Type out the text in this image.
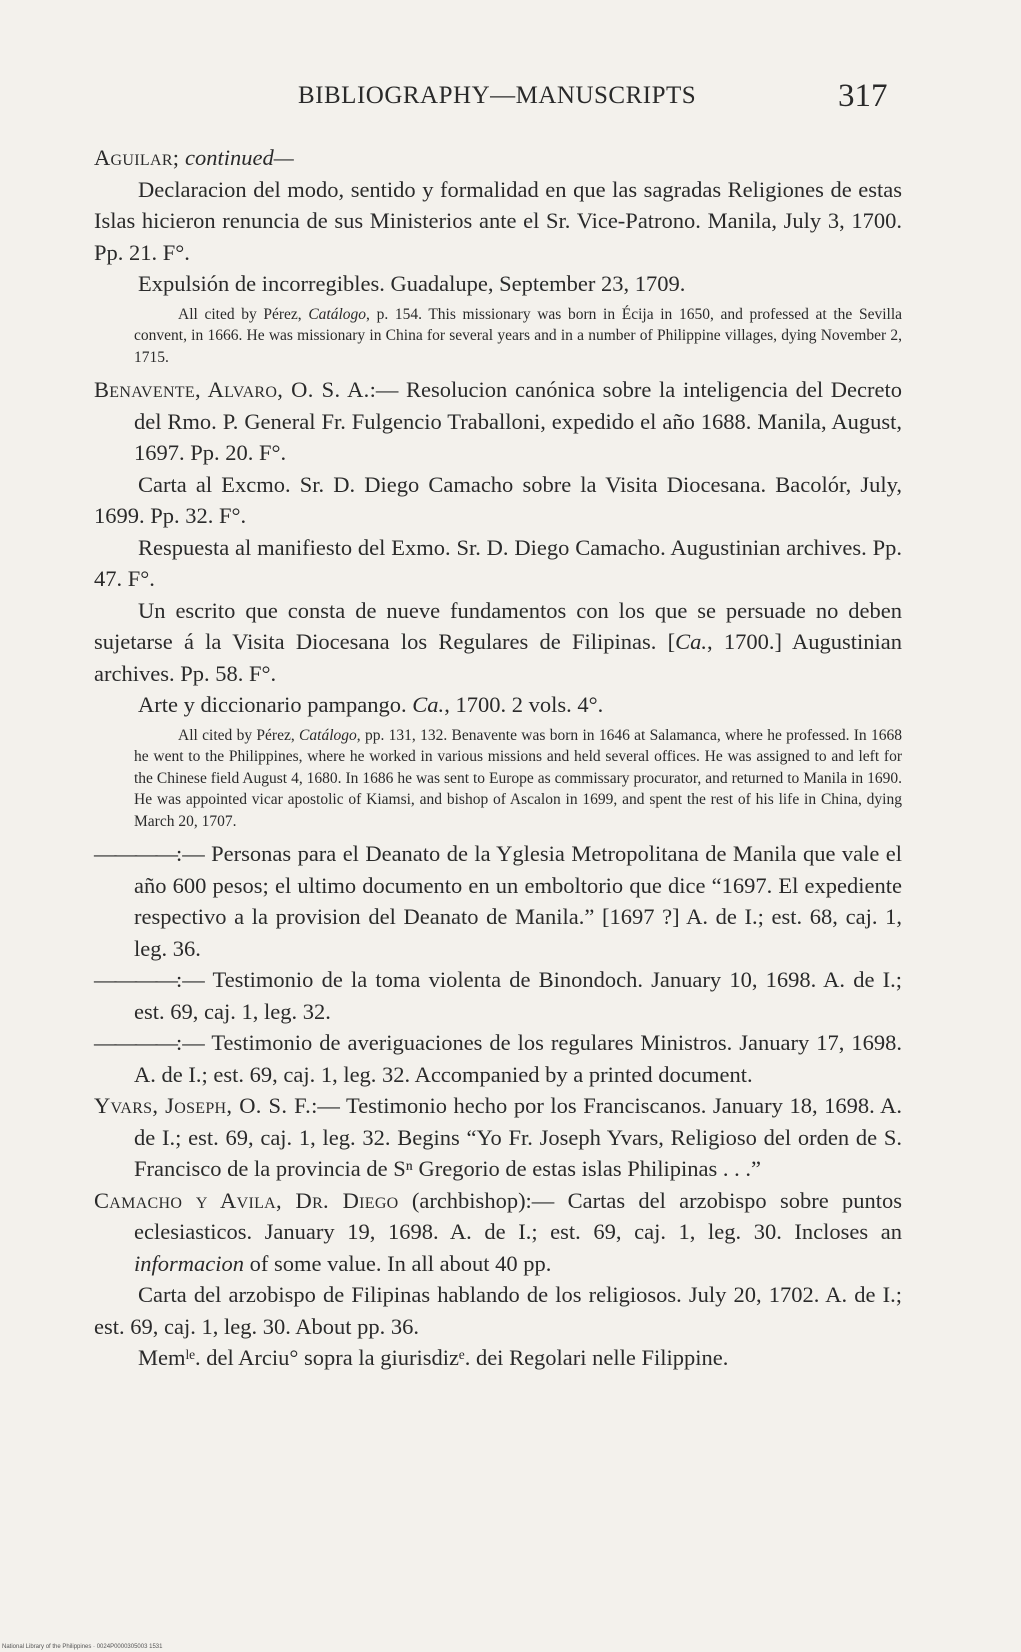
BIBLIOGRAPHY—MANUSCRIPTS	317

Aguilar; continued—

Declaracion del modo, sentido y formalidad en que las sagradas Religiones de estas Islas hicieron renuncia de sus Ministerios ante el Sr. Vice-Patrono. Manila, July 3, 1700. Pp. 21. F°.

Expulsión de incorregibles. Guadalupe, September 23, 1709.

All cited by Pérez, Catálogo, p. 154. This missionary was born in Écija in 1650, and professed at the Sevilla convent, in 1666. He was missionary in China for several years and in a number of Philippine villages, dying November 2, 1715.

Benavente, Alvaro, O. S. A.:— Resolucion canónica sobre la inteligencia del Decreto del Rmo. P. General Fr. Fulgencio Traballoni, expedido el año 1688. Manila, August, 1697. Pp. 20. F°.

Carta al Excmo. Sr. D. Diego Camacho sobre la Visita Diocesana. Bacolór, July, 1699. Pp. 32. F°.

Respuesta al manifiesto del Exmo. Sr. D. Diego Camacho. Augustinian archives. Pp. 47. F°.

Un escrito que consta de nueve fundamentos con los que se persuade no deben sujetarse á la Visita Diocesana los Regulares de Filipinas. [Ca., 1700.] Augustinian archives. Pp. 58. F°.

Arte y diccionario pampango. Ca., 1700. 2 vols. 4°.

All cited by Pérez, Catálogo, pp. 131, 132. Benavente was born in 1646 at Salamanca, where he professed. In 1668 he went to the Philippines, where he worked in various missions and held several offices. He was assigned to and left for the Chinese field August 4, 1680. In 1686 he was sent to Europe as commissary procurator, and returned to Manila in 1690. He was appointed vicar apostolic of Kiamsi, and bishop of Ascalon in 1699, and spent the rest of his life in China, dying March 20, 1707.

————:— Personas para el Deanato de la Yglesia Metropolitana de Manila que vale el año 600 pesos; el ultimo documento en un emboltorio que dice “1697. El expediente respectivo a la provision del Deanato de Manila.” [1697 ?] A. de I.; est. 68, caj. 1, leg. 36.

————:— Testimonio de la toma violenta de Binondoch. January 10, 1698. A. de I.; est. 69, caj. 1, leg. 32.

————:— Testimonio de averiguaciones de los regulares Ministros. January 17, 1698. A. de I.; est. 69, caj. 1, leg. 32. Accompanied by a printed document.

Yvars, Joseph, O. S. F.:— Testimonio hecho por los Franciscanos. January 18, 1698. A. de I.; est. 69, caj. 1, leg. 32. Begins “Yo Fr. Joseph Yvars, Religioso del orden de S. Francisco de la provincia de Sⁿ Gregorio de estas islas Philipinas . . .”

Camacho y Avila, Dr. Diego (archbishop):— Cartas del arzobispo sobre puntos eclesiasticos. January 19, 1698. A. de I.; est. 69, caj. 1, leg. 30. Incloses an informacion of some value. In all about 40 pp.

Carta del arzobispo de Filipinas hablando de los religiosos. July 20, 1702. A. de I.; est. 69, caj. 1, leg. 30. About pp. 36.

Memˡᵉ. del Arciu° sopra la giurisdizᵉ. dei Regolari nelle Filippine.

National Library of the Philippines · 0024P0000305003 1531
